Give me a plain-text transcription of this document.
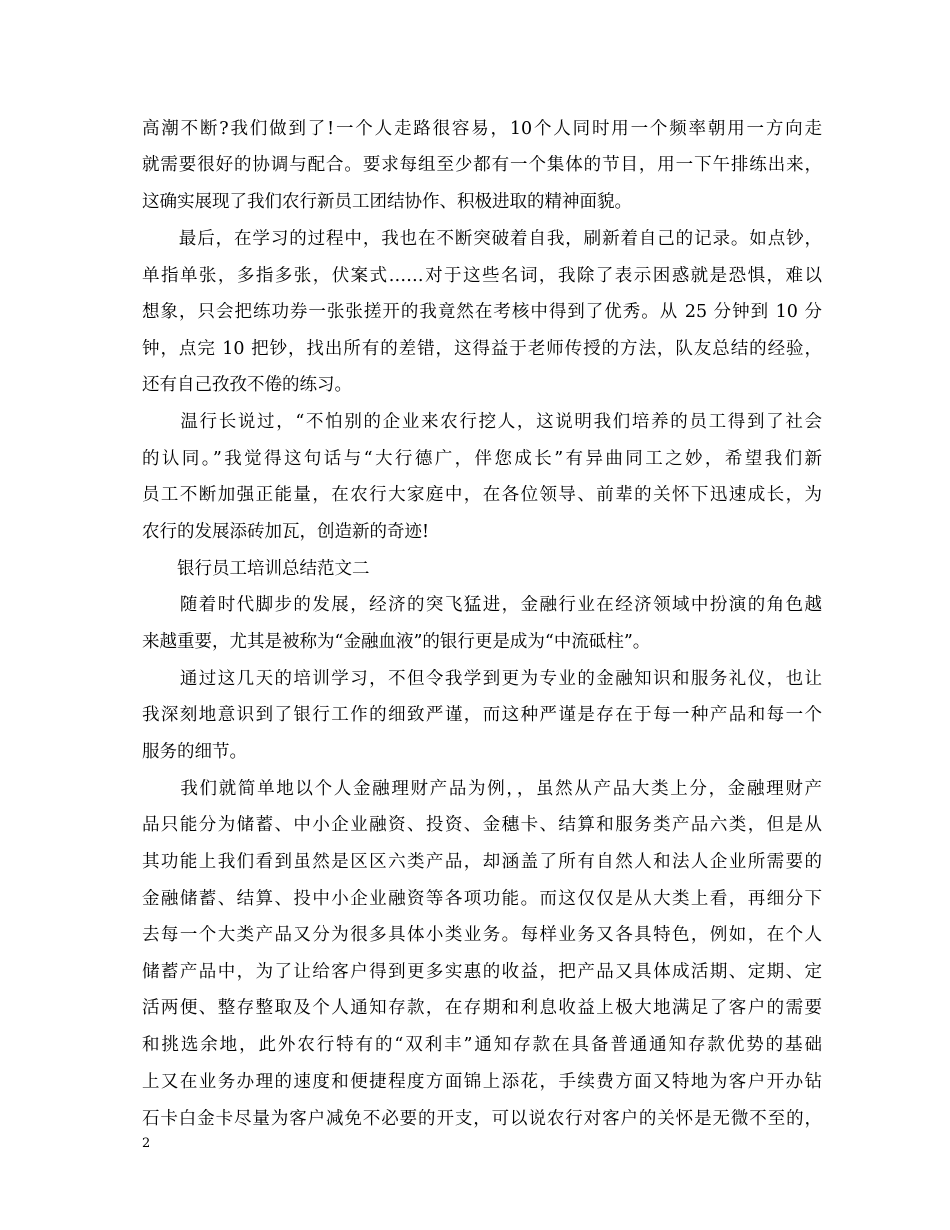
高潮不断?我们做到了!一个人走路很容易，10个人同时用一个频率朝用一方向走
就需要很好的协调与配合。要求每组至少都有一个集体的节目，用一下午排练出来，
这确实展现了我们农行新员工团结协作、积极进取的精神面貌。
　　最后，在学习的过程中，我也在不断突破着自我，刷新着自己的记录。如点钞，
单指单张，多指多张，伏案式……对于这些名词，我除了表示困惑就是恐惧，难以
想象，只会把练功券一张张搓开的我竟然在考核中得到了优秀。从 25 分钟到 10 分
钟，点完 10 把钞，找出所有的差错，这得益于老师传授的方法，队友总结的经验，
还有自己孜孜不倦的练习。
　　温行长说过，“不怕别的企业来农行挖人，这说明我们培养的员工得到了社会
的认同。”我觉得这句话与“大行德广，伴您成长”有异曲同工之妙，希望我们新
员工不断加强正能量，在农行大家庭中，在各位领导、前辈的关怀下迅速成长，为
农行的发展添砖加瓦，创造新的奇迹!
　　银行员工培训总结范文二
　　随着时代脚步的发展，经济的突飞猛进，金融行业在经济领域中扮演的角色越
来越重要，尤其是被称为“金融血液”的银行更是成为“中流砥柱”。
　　通过这几天的培训学习，不但令我学到更为专业的金融知识和服务礼仪，也让
我深刻地意识到了银行工作的细致严谨，而这种严谨是存在于每一种产品和每一个
服务的细节。
　　我们就简单地以个人金融理财产品为例，，虽然从产品大类上分，金融理财产
品只能分为储蓄、中小企业融资、投资、金穗卡、结算和服务类产品六类，但是从
其功能上我们看到虽然是区区六类产品，却涵盖了所有自然人和法人企业所需要的
金融储蓄、结算、投中小企业融资等各项功能。而这仅仅是从大类上看，再细分下
去每一个大类产品又分为很多具体小类业务。每样业务又各具特色，例如，在个人
储蓄产品中，为了让给客户得到更多实惠的收益，把产品又具体成活期、定期、定
活两便、整存整取及个人通知存款，在存期和利息收益上极大地满足了客户的需要
和挑选余地，此外农行特有的“双利丰”通知存款在具备普通通知存款优势的基础
上又在业务办理的速度和便捷程度方面锦上添花，手续费方面又特地为客户开办钻
石卡白金卡尽量为客户减免不必要的开支，可以说农行对客户的关怀是无微不至的，
2
